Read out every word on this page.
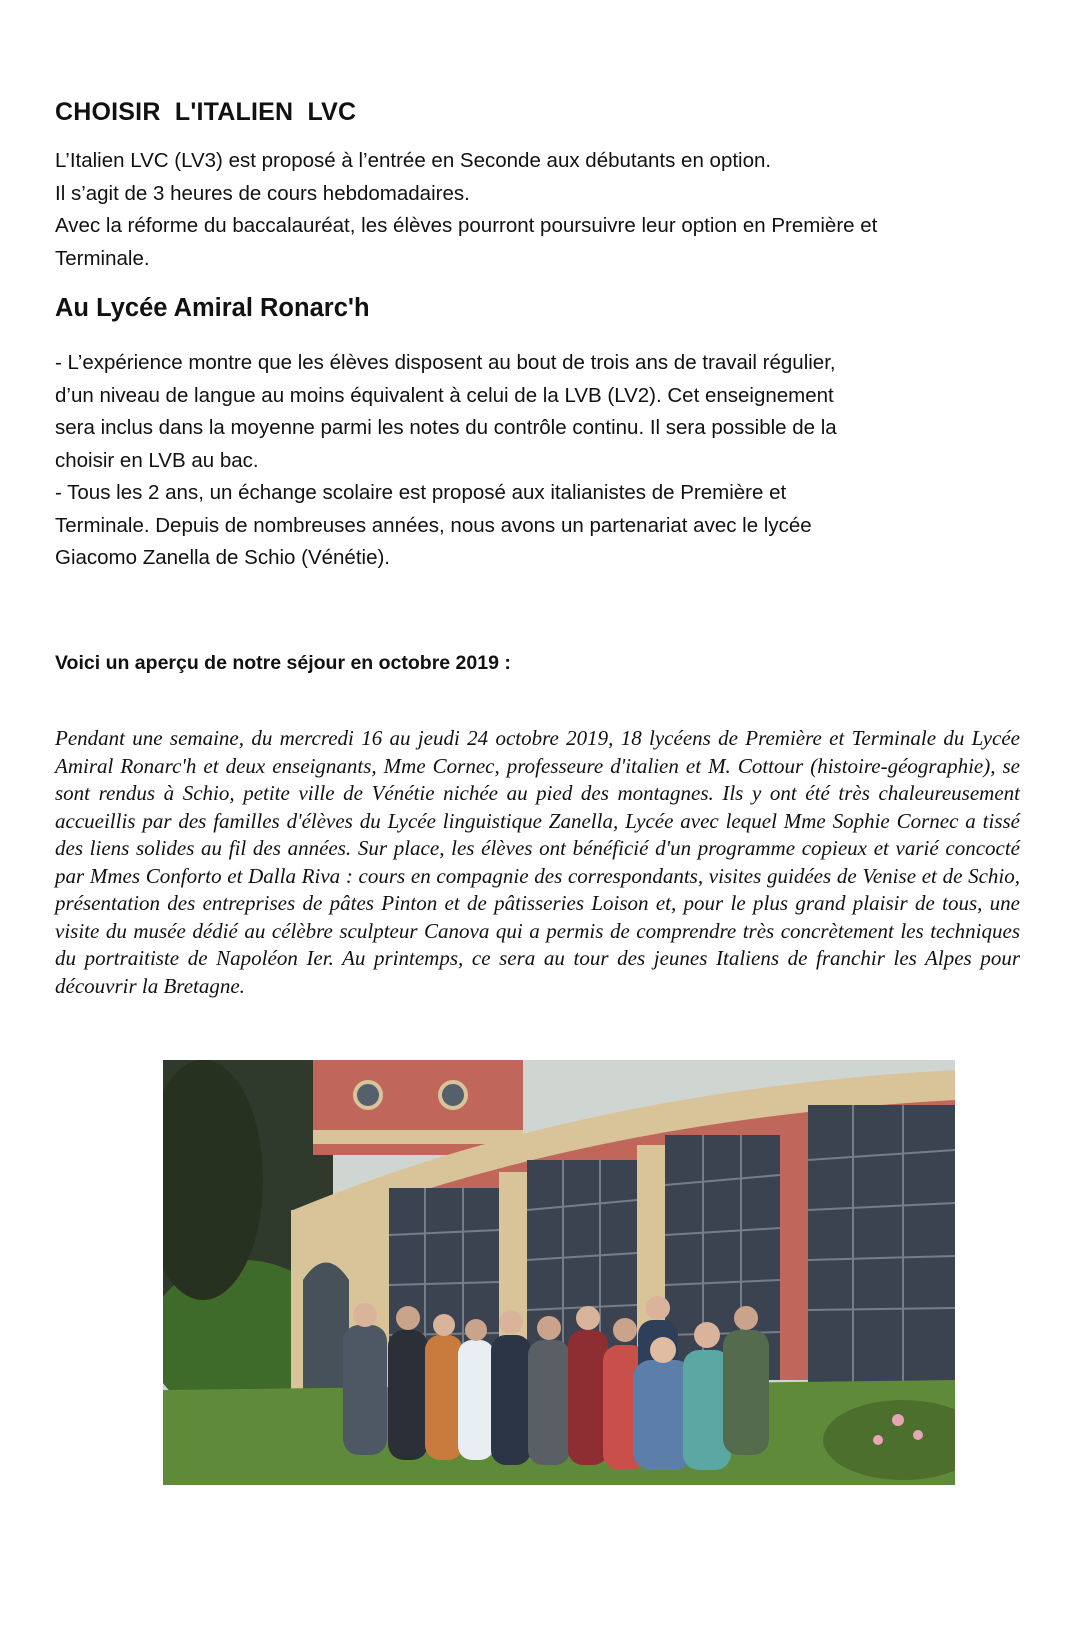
CHOISIR  L'ITALIEN  LVC
L’Italien LVC (LV3) est proposé à l’entrée en Seconde aux débutants en option.
Il s’agit de 3 heures de cours hebdomadaires.
Avec la réforme du baccalauréat, les élèves pourront poursuivre leur option en Première et
Terminale.
Au Lycée Amiral Ronarc'h
- L’expérience montre que les élèves disposent au bout de trois ans de travail régulier,
d’un niveau de langue au moins équivalent à celui de la LVB (LV2). Cet enseignement
sera inclus dans la moyenne parmi les notes du contrôle continu. Il sera possible de la
choisir en LVB au bac.
- Tous les 2 ans, un échange scolaire est proposé aux italianistes de Première et
Terminale. Depuis de nombreuses années, nous avons un partenariat avec le lycée
Giacomo Zanella de Schio (Vénétie).
Voici un aperçu de notre séjour en octobre 2019 :

Pendant une semaine, du mercredi 16 au jeudi 24 octobre 2019, 18 lycéens de Première et Terminale du Lycée Amiral Ronarc'h et deux enseignants, Mme Cornec, professeure d'italien et M. Cottour (histoire-géographie), se sont rendus à Schio, petite ville de Vénétie nichée au pied des montagnes. Ils y ont été très chaleureusement accueillis par des familles d'élèves du Lycée linguistique Zanella, Lycée avec lequel Mme Sophie Cornec a tissé des liens solides au fil des années. Sur place, les élèves ont bénéficié d'un programme copieux et varié concocté par Mmes Conforto et Dalla Riva : cours en compagnie des correspondants, visites guidées de Venise et de Schio, présentation des entreprises de pâtes Pinton et de pâtisseries Loison et, pour le plus grand plaisir de tous, une visite du musée dédié au célèbre sculpteur Canova qui a permis de comprendre très concrètement les techniques du portraitiste de Napoléon Ier. Au printemps, ce sera au tour des jeunes Italiens de franchir les Alpes pour découvrir la Bretagne.
